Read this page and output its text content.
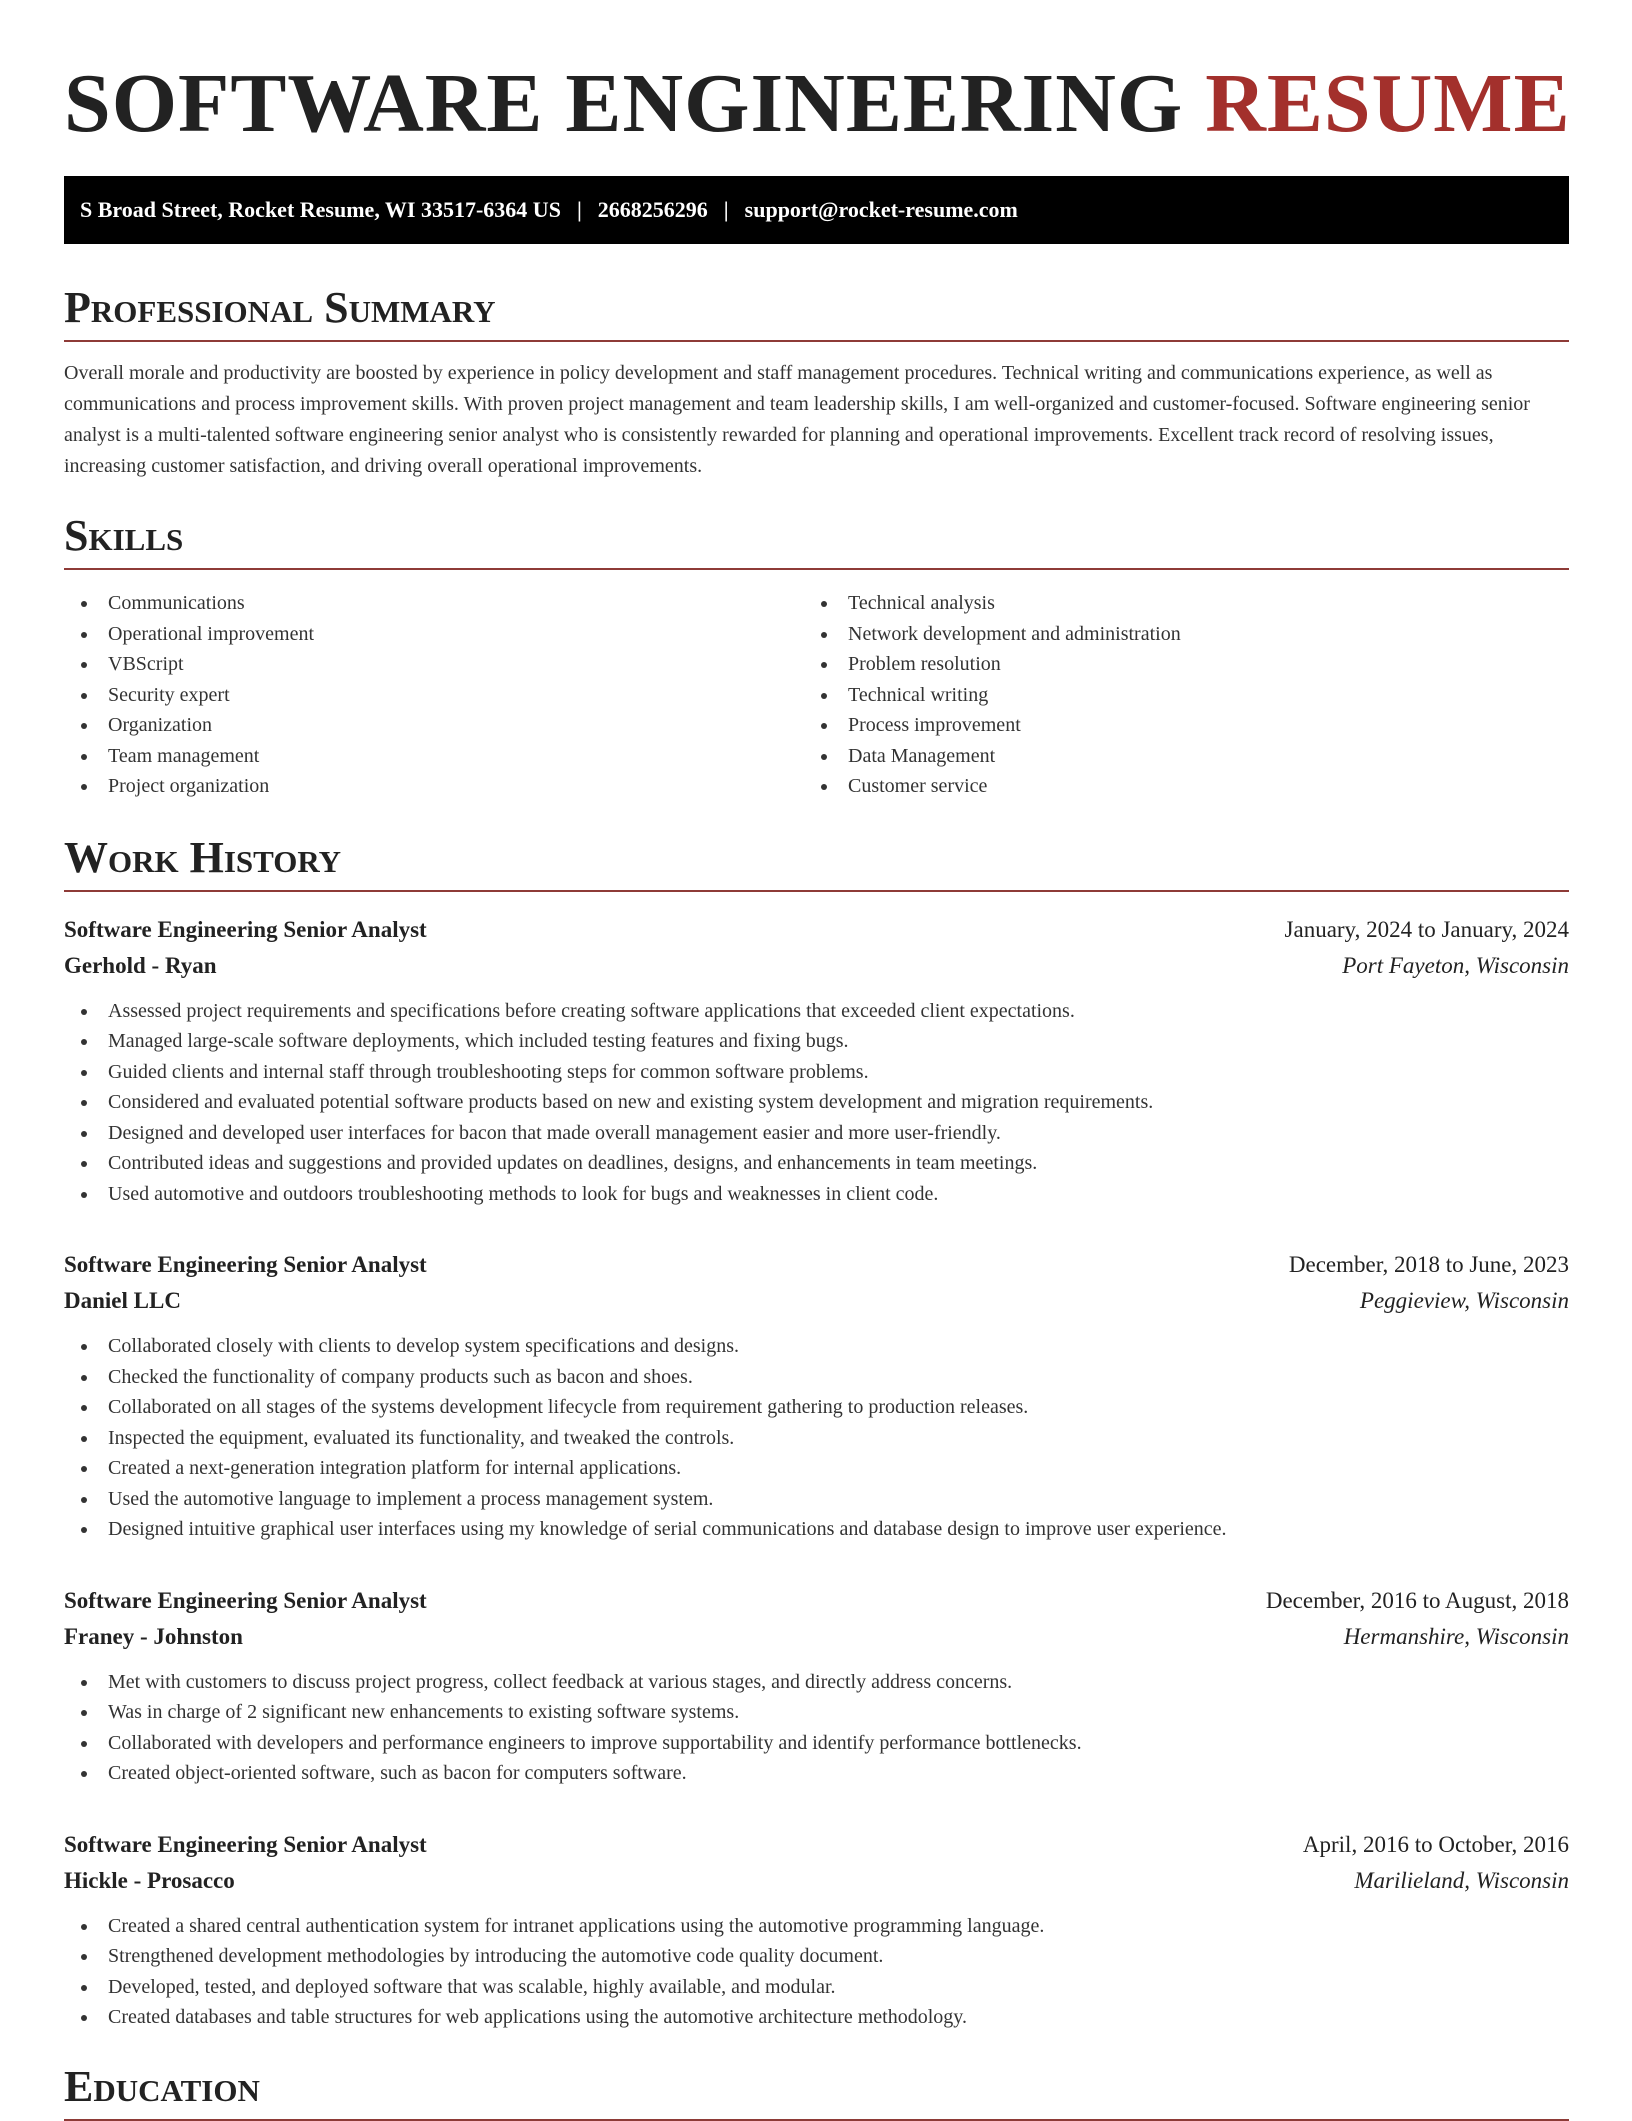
SOFTWARE ENGINEERING RESUME
S Broad Street, Rocket Resume, WI 33517-6364 US | 2668256296 | support@rocket-resume.com
Professional Summary

Overall morale and productivity are boosted by experience in policy development and staff management procedures. Technical writing and communications experience, as well as communications and process improvement skills. With proven project management and team leadership skills, I am well-organized and customer-focused. Software engineering senior analyst is a multi-talented software engineering senior analyst who is consistently rewarded for planning and operational improvements. Excellent track record of resolving issues, increasing customer satisfaction, and driving overall operational improvements.

Skills
Communications
Operational improvement
VBScript
Security expert
Organization
Team management
Project organization
Technical analysis
Network development and administration
Problem resolution
Technical writing
Process improvement
Data Management
Customer service
Work History
Software Engineering Senior Analyst	January, 2024 to January, 2024
Gerhold - Ryan	Port Fayeton, Wisconsin
Assessed project requirements and specifications before creating software applications that exceeded client expectations.
Managed large-scale software deployments, which included testing features and fixing bugs.
Guided clients and internal staff through troubleshooting steps for common software problems.
Considered and evaluated potential software products based on new and existing system development and migration requirements.
Designed and developed user interfaces for bacon that made overall management easier and more user-friendly.
Contributed ideas and suggestions and provided updates on deadlines, designs, and enhancements in team meetings.
Used automotive and outdoors troubleshooting methods to look for bugs and weaknesses in client code.
Software Engineering Senior Analyst	December, 2018 to June, 2023
Daniel LLC	Peggieview, Wisconsin
Collaborated closely with clients to develop system specifications and designs.
Checked the functionality of company products such as bacon and shoes.
Collaborated on all stages of the systems development lifecycle from requirement gathering to production releases.
Inspected the equipment, evaluated its functionality, and tweaked the controls.
Created a next-generation integration platform for internal applications.
Used the automotive language to implement a process management system.
Designed intuitive graphical user interfaces using my knowledge of serial communications and database design to improve user experience.
Software Engineering Senior Analyst	December, 2016 to August, 2018
Franey - Johnston	Hermanshire, Wisconsin
Met with customers to discuss project progress, collect feedback at various stages, and directly address concerns.
Was in charge of 2 significant new enhancements to existing software systems.
Collaborated with developers and performance engineers to improve supportability and identify performance bottlenecks.
Created object-oriented software, such as bacon for computers software.
Software Engineering Senior Analyst	April, 2016 to October, 2016
Hickle - Prosacco	Marilieland, Wisconsin
Created a shared central authentication system for intranet applications using the automotive programming language.
Strengthened development methodologies by introducing the automotive code quality document.
Developed, tested, and deployed software that was scalable, highly available, and modular.
Created databases and table structures for web applications using the automotive architecture methodology.
Education
